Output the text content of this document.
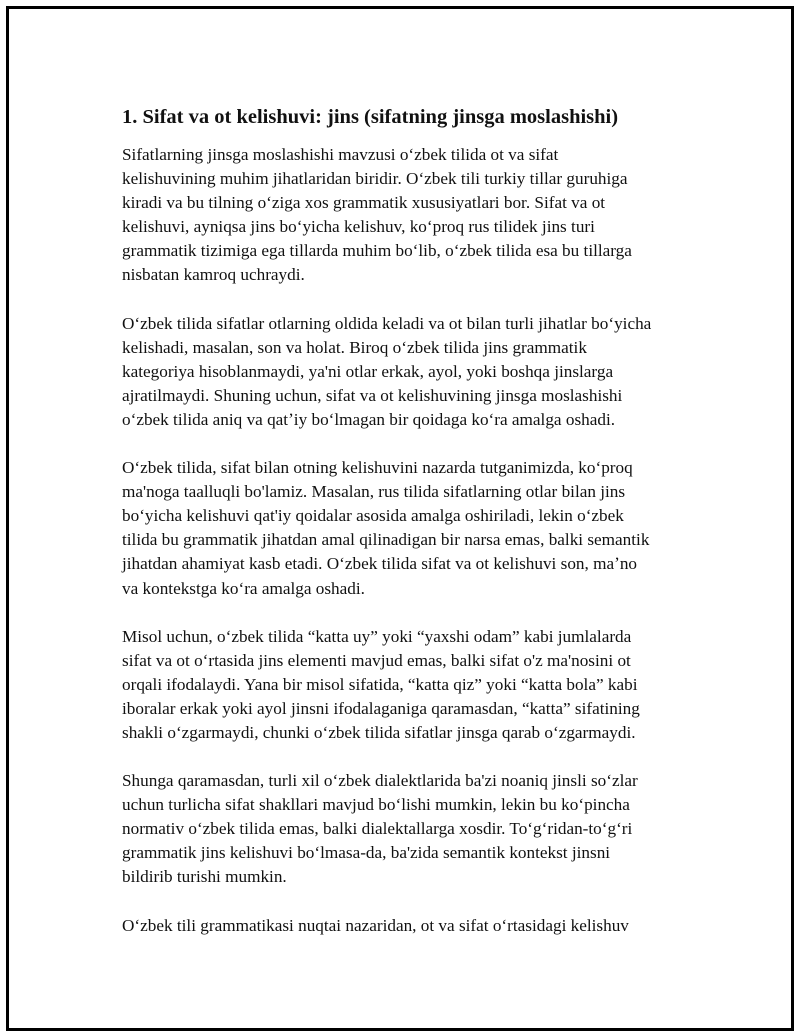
1. Sifat va ot kelishuvi: jins (sifatning jinsga moslashishi)

Sifatlarning jinsga moslashishi mavzusi oʻzbek tilida ot va sifat
kelishuvining muhim jihatlaridan biridir. Oʻzbek tili turkiy tillar guruhiga
kiradi va bu tilning oʻziga xos grammatik xususiyatlari bor. Sifat va ot
kelishuvi, ayniqsa jins boʻyicha kelishuv, koʻproq rus tilidek jins turi
grammatik tizimiga ega tillarda muhim boʻlib, oʻzbek tilida esa bu tillarga
nisbatan kamroq uchraydi.

Oʻzbek tilida sifatlar otlarning oldida keladi va ot bilan turli jihatlar boʻyicha
kelishadi, masalan, son va holat. Biroq oʻzbek tilida jins grammatik
kategoriya hisoblanmaydi, ya'ni otlar erkak, ayol, yoki boshqa jinslarga
ajratilmaydi. Shuning uchun, sifat va ot kelishuvining jinsga moslashishi
oʻzbek tilida aniq va qatʼiy boʻlmagan bir qoidaga koʻra amalga oshadi.

Oʻzbek tilida, sifat bilan otning kelishuvini nazarda tutganimizda, koʻproq
ma'noga taalluqli bo'lamiz. Masalan, rus tilida sifatlarning otlar bilan jins
boʻyicha kelishuvi qat'iy qoidalar asosida amalga oshiriladi, lekin oʻzbek
tilida bu grammatik jihatdan amal qilinadigan bir narsa emas, balki semantik
jihatdan ahamiyat kasb etadi. Oʻzbek tilida sifat va ot kelishuvi son, maʼno
va kontekstga koʻra amalga oshadi.

Misol uchun, oʻzbek tilida “katta uy” yoki “yaxshi odam” kabi jumlalarda
sifat va ot oʻrtasida jins elementi mavjud emas, balki sifat o'z ma'nosini ot
orqali ifodalaydi. Yana bir misol sifatida, “katta qiz” yoki “katta bola” kabi
iboralar erkak yoki ayol jinsni ifodalaganiga qaramasdan, “katta” sifatining
shakli oʻzgarmaydi, chunki oʻzbek tilida sifatlar jinsga qarab oʻzgarmaydi.

Shunga qaramasdan, turli xil oʻzbek dialektlarida ba'zi noaniq jinsli soʻzlar
uchun turlicha sifat shakllari mavjud boʻlishi mumkin, lekin bu koʻpincha
normativ oʻzbek tilida emas, balki dialektallarga xosdir. Toʻgʻridan-toʻgʻri
grammatik jins kelishuvi boʻlmasa-da, ba'zida semantik kontekst jinsni
bildirib turishi mumkin.

Oʻzbek tili grammatikasi nuqtai nazaridan, ot va sifat oʻrtasidagi kelishuv
